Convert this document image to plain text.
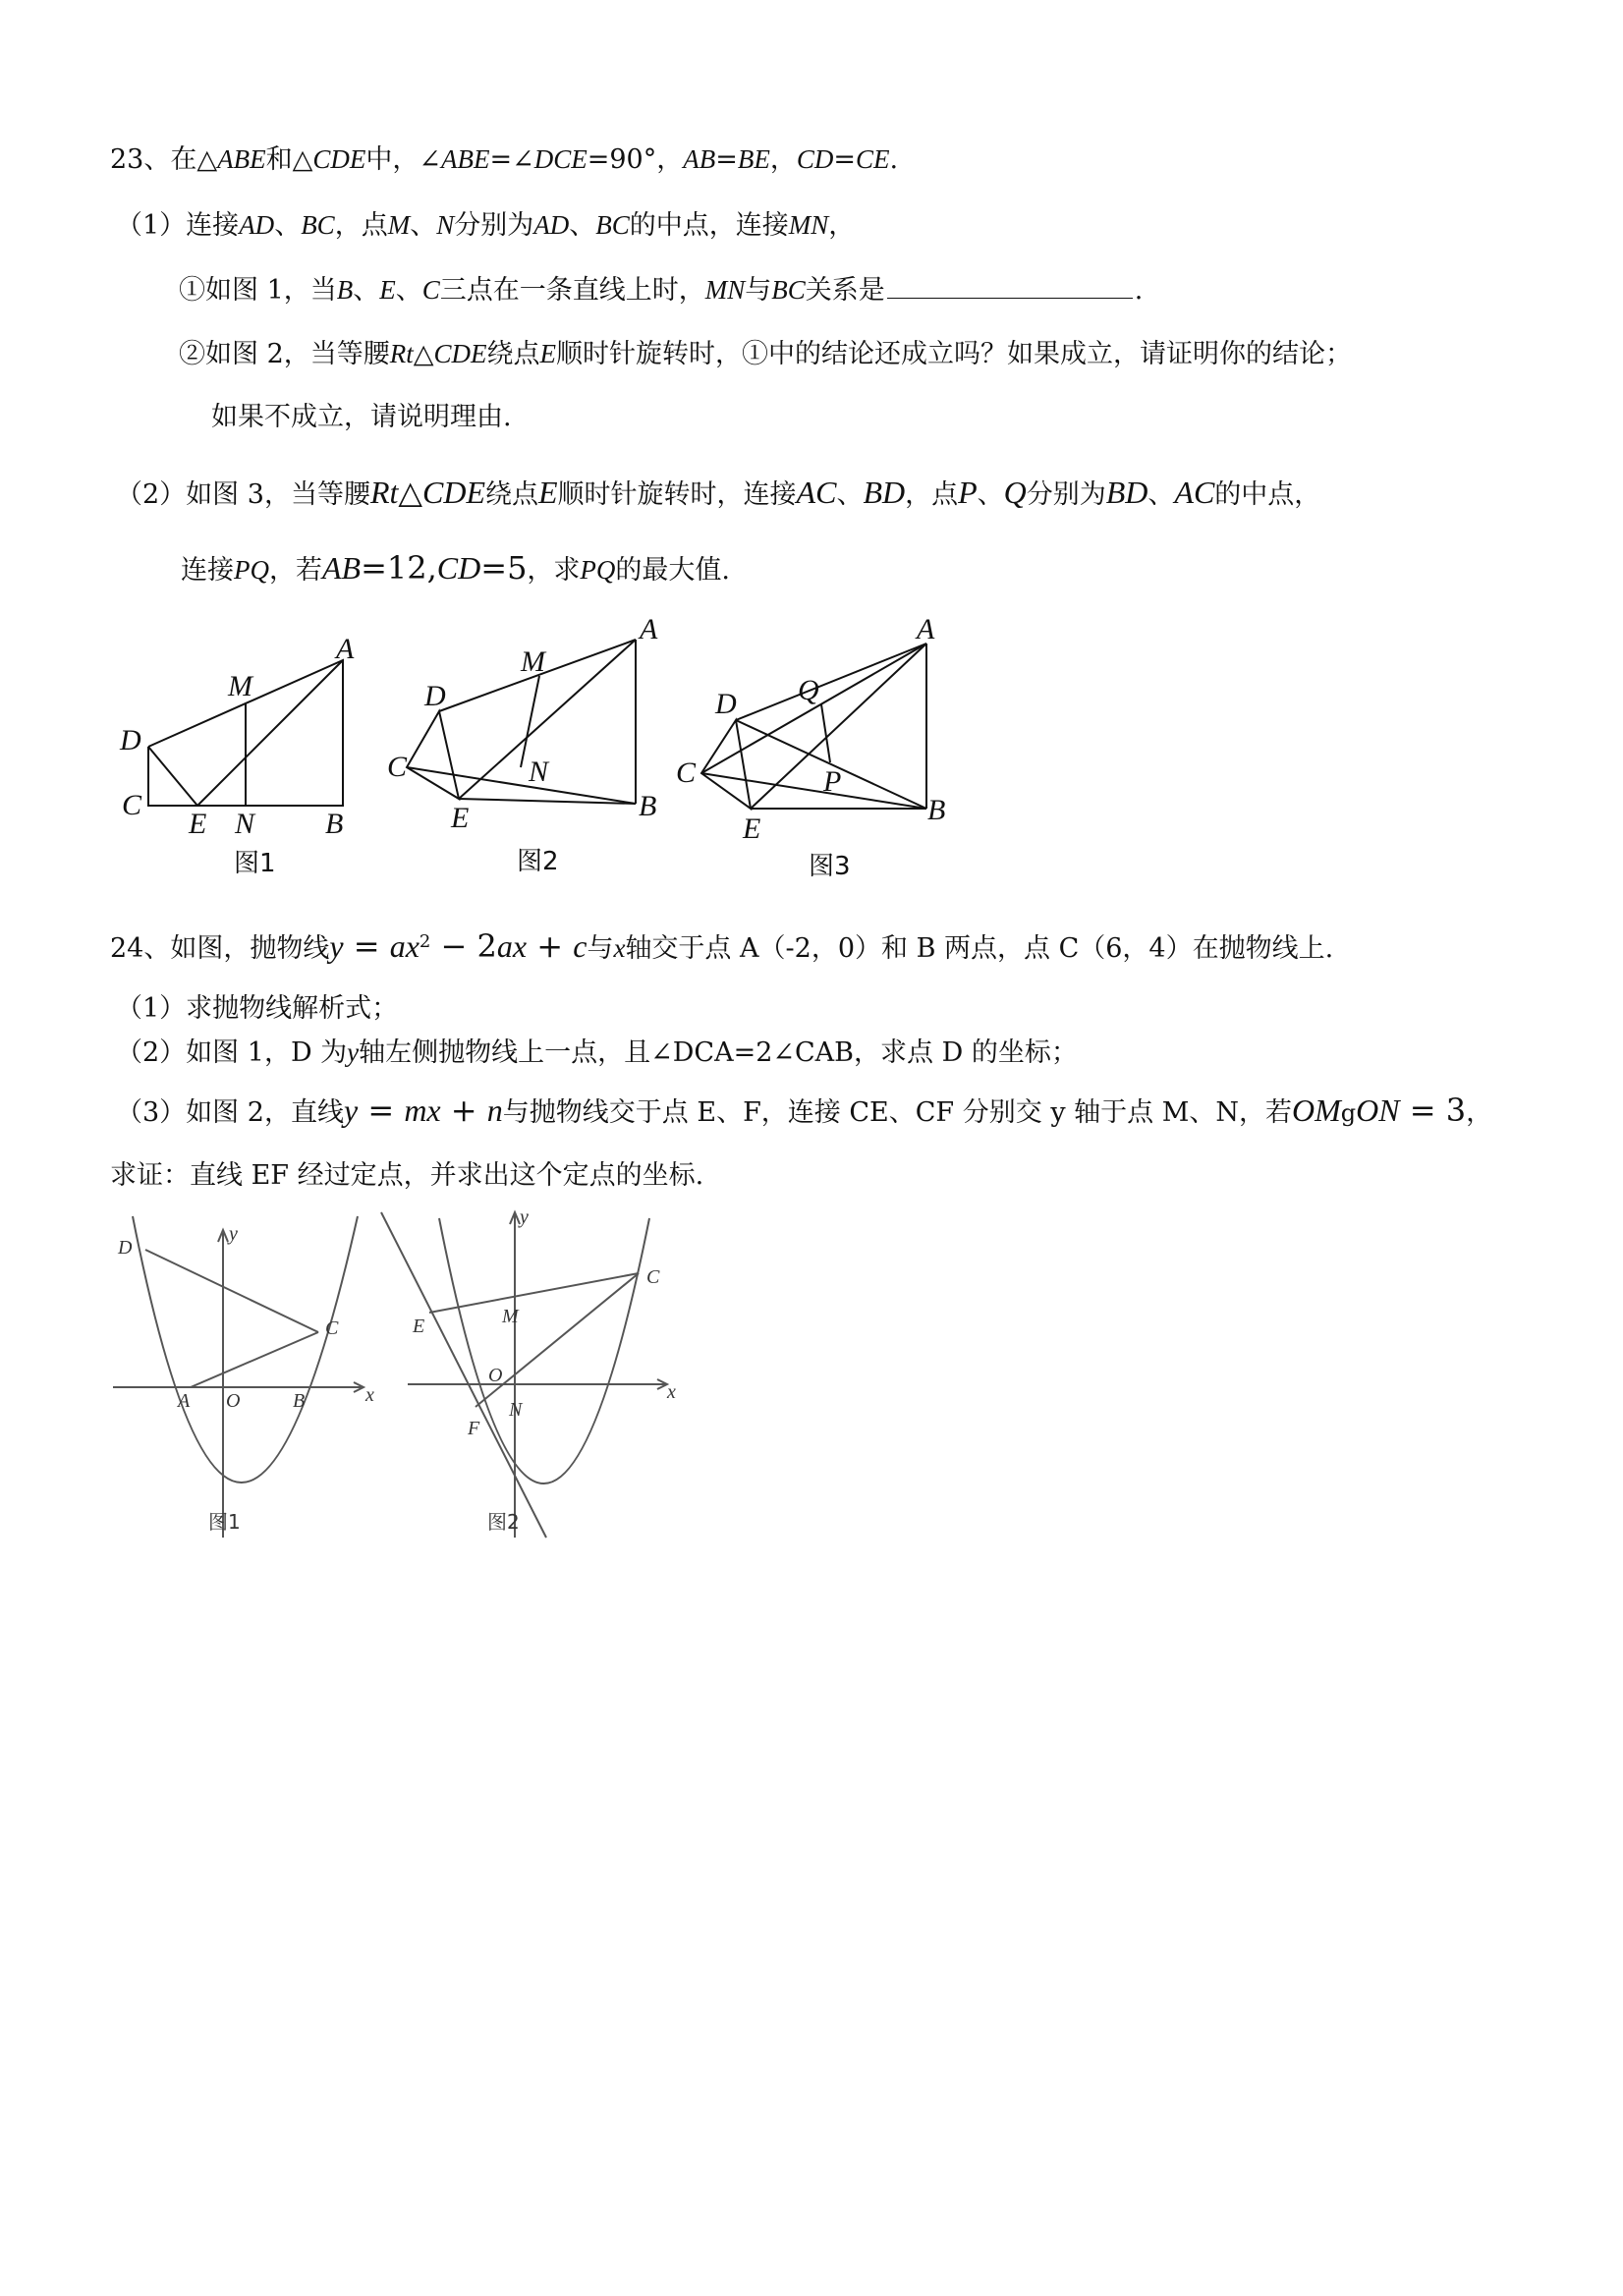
23、在△ABE和△CDE中，∠ABE=∠DCE=90°，AB=BE，CD=CE.
（1）连接AD、BC，点M、N分别为AD、BC的中点，连接MN，
①如图 1，当B、E、C三点在一条直线上时，MN与BC关系是	.
②如图 2，当等腰Rt△CDE绕点E顺时针旋转时，①中的结论还成立吗？如果成立，请证明你的结论；
如果不成立，请说明理由.
（2）如图 3，当等腰Rt△CDE绕点E顺时针旋转时，连接AC、BD，点P、Q分别为BD、AC的中点，
连接PQ，若AB=12,CD=5，求PQ的最大值.
A
M
D
C
E N B
图1
A
M
D
C	N
E	B
图2
A
Q
D
C	P
E
B
图3
24、如图，抛物线$y = ax^2 - 2ax + c$与x轴交于点 A（-2，0）和 B 两点，点 C（6，4）在抛物线上.
（1）求抛物线解析式；
（2）如图 1，D 为y轴左侧抛物线上一点，且∠DCA=2∠CAB，求点 D 的坐标；
（3）如图 2，直线y = mx + n与抛物线交于点 E、F，连接 CE、CF 分别交 y 轴于点 M、N，若OMgON = 3，
求证：直线 EF 经过定点，并求出这个定点的坐标.
D
y
C
A O	B	x
图1
y
C
E	M
O
x
N
F
图2
